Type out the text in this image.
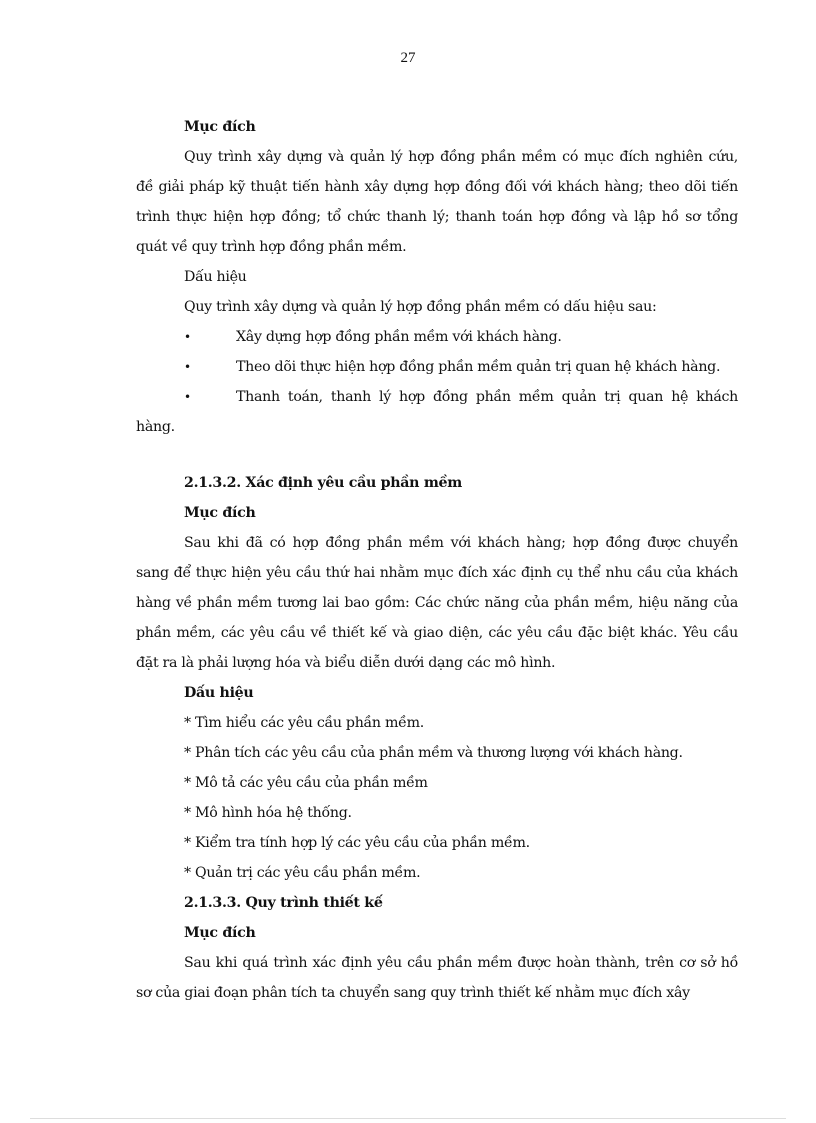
27
Mục đích
Quy trình xây dựng và quản lý hợp đồng phần mềm có mục đích nghiên cứu,
đề giải pháp kỹ thuật tiến hành xây dựng hợp đồng đối với khách hàng; theo dõi tiến
trình thực hiện hợp đồng; tổ chức thanh lý; thanh toán hợp đồng và lập hồ sơ tổng
quát về quy trình hợp đồng phần mềm.
Dấu hiệu
Quy trình xây dựng và quản lý hợp đồng phần mềm có dấu hiệu sau:
•	Xây dựng hợp đồng phần mềm với khách hàng.
•	Theo dõi thực hiện hợp đồng phần mềm quản trị quan hệ khách hàng.
•	Thanh toán, thanh lý hợp đồng phần mềm quản trị quan hệ khách
hàng.
2.1.3.2. Xác định yêu cầu phần mềm
Mục đích
Sau khi đã có hợp đồng phần mềm với khách hàng; hợp đồng được chuyển
sang để thực hiện yêu cầu thứ hai nhằm mục đích xác định cụ thể nhu cầu của khách
hàng về phần mềm tương lai bao gồm: Các chức năng của phần mềm, hiệu năng của
phần mềm, các yêu cầu về thiết kế và giao diện, các yêu cầu đặc biệt khác. Yêu cầu
đặt ra là phải lượng hóa và biểu diễn dưới dạng các mô hình.
Dấu hiệu
* Tìm hiểu các yêu cầu phần mềm.
* Phân tích các yêu cầu của phần mềm và thương lượng với khách hàng.
* Mô tả các yêu cầu của phần mềm
* Mô hình hóa hệ thống.
* Kiểm tra tính hợp lý các yêu cầu của phần mềm.
* Quản trị các yêu cầu phần mềm.
2.1.3.3. Quy trình thiết kế
Mục đích
Sau khi quá trình xác định yêu cầu phần mềm được hoàn thành, trên cơ sở hồ
sơ của giai đoạn phân tích ta chuyển sang quy trình thiết kế nhằm mục đích xây
